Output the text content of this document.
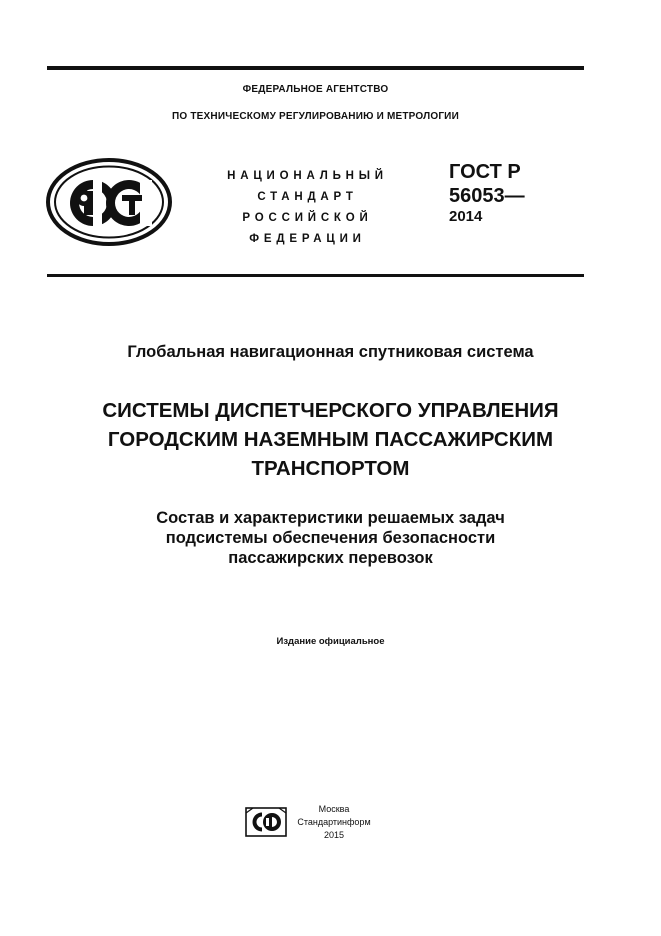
ФЕДЕРАЛЬНОЕ АГЕНТСТВО
ПО ТЕХНИЧЕСКОМУ РЕГУЛИРОВАНИЮ И МЕТРОЛОГИИ
НАЦИОНАЛЬНЫЙ
СТАНДАРТ
РОССИЙСКОЙ
ФЕДЕРАЦИИ
ГОСТ Р
56053—
2014
Глобальная навигационная спутниковая система
СИСТЕМЫ ДИСПЕТЧЕРСКОГО УПРАВЛЕНИЯ
ГОРОДСКИМ НАЗЕМНЫМ ПАССАЖИРСКИМ
ТРАНСПОРТОМ
Состав и характеристики решаемых задач
подсистемы обеспечения безопасности
пассажирских перевозок
Издание официальное
Москва
Стандартинформ
2015
